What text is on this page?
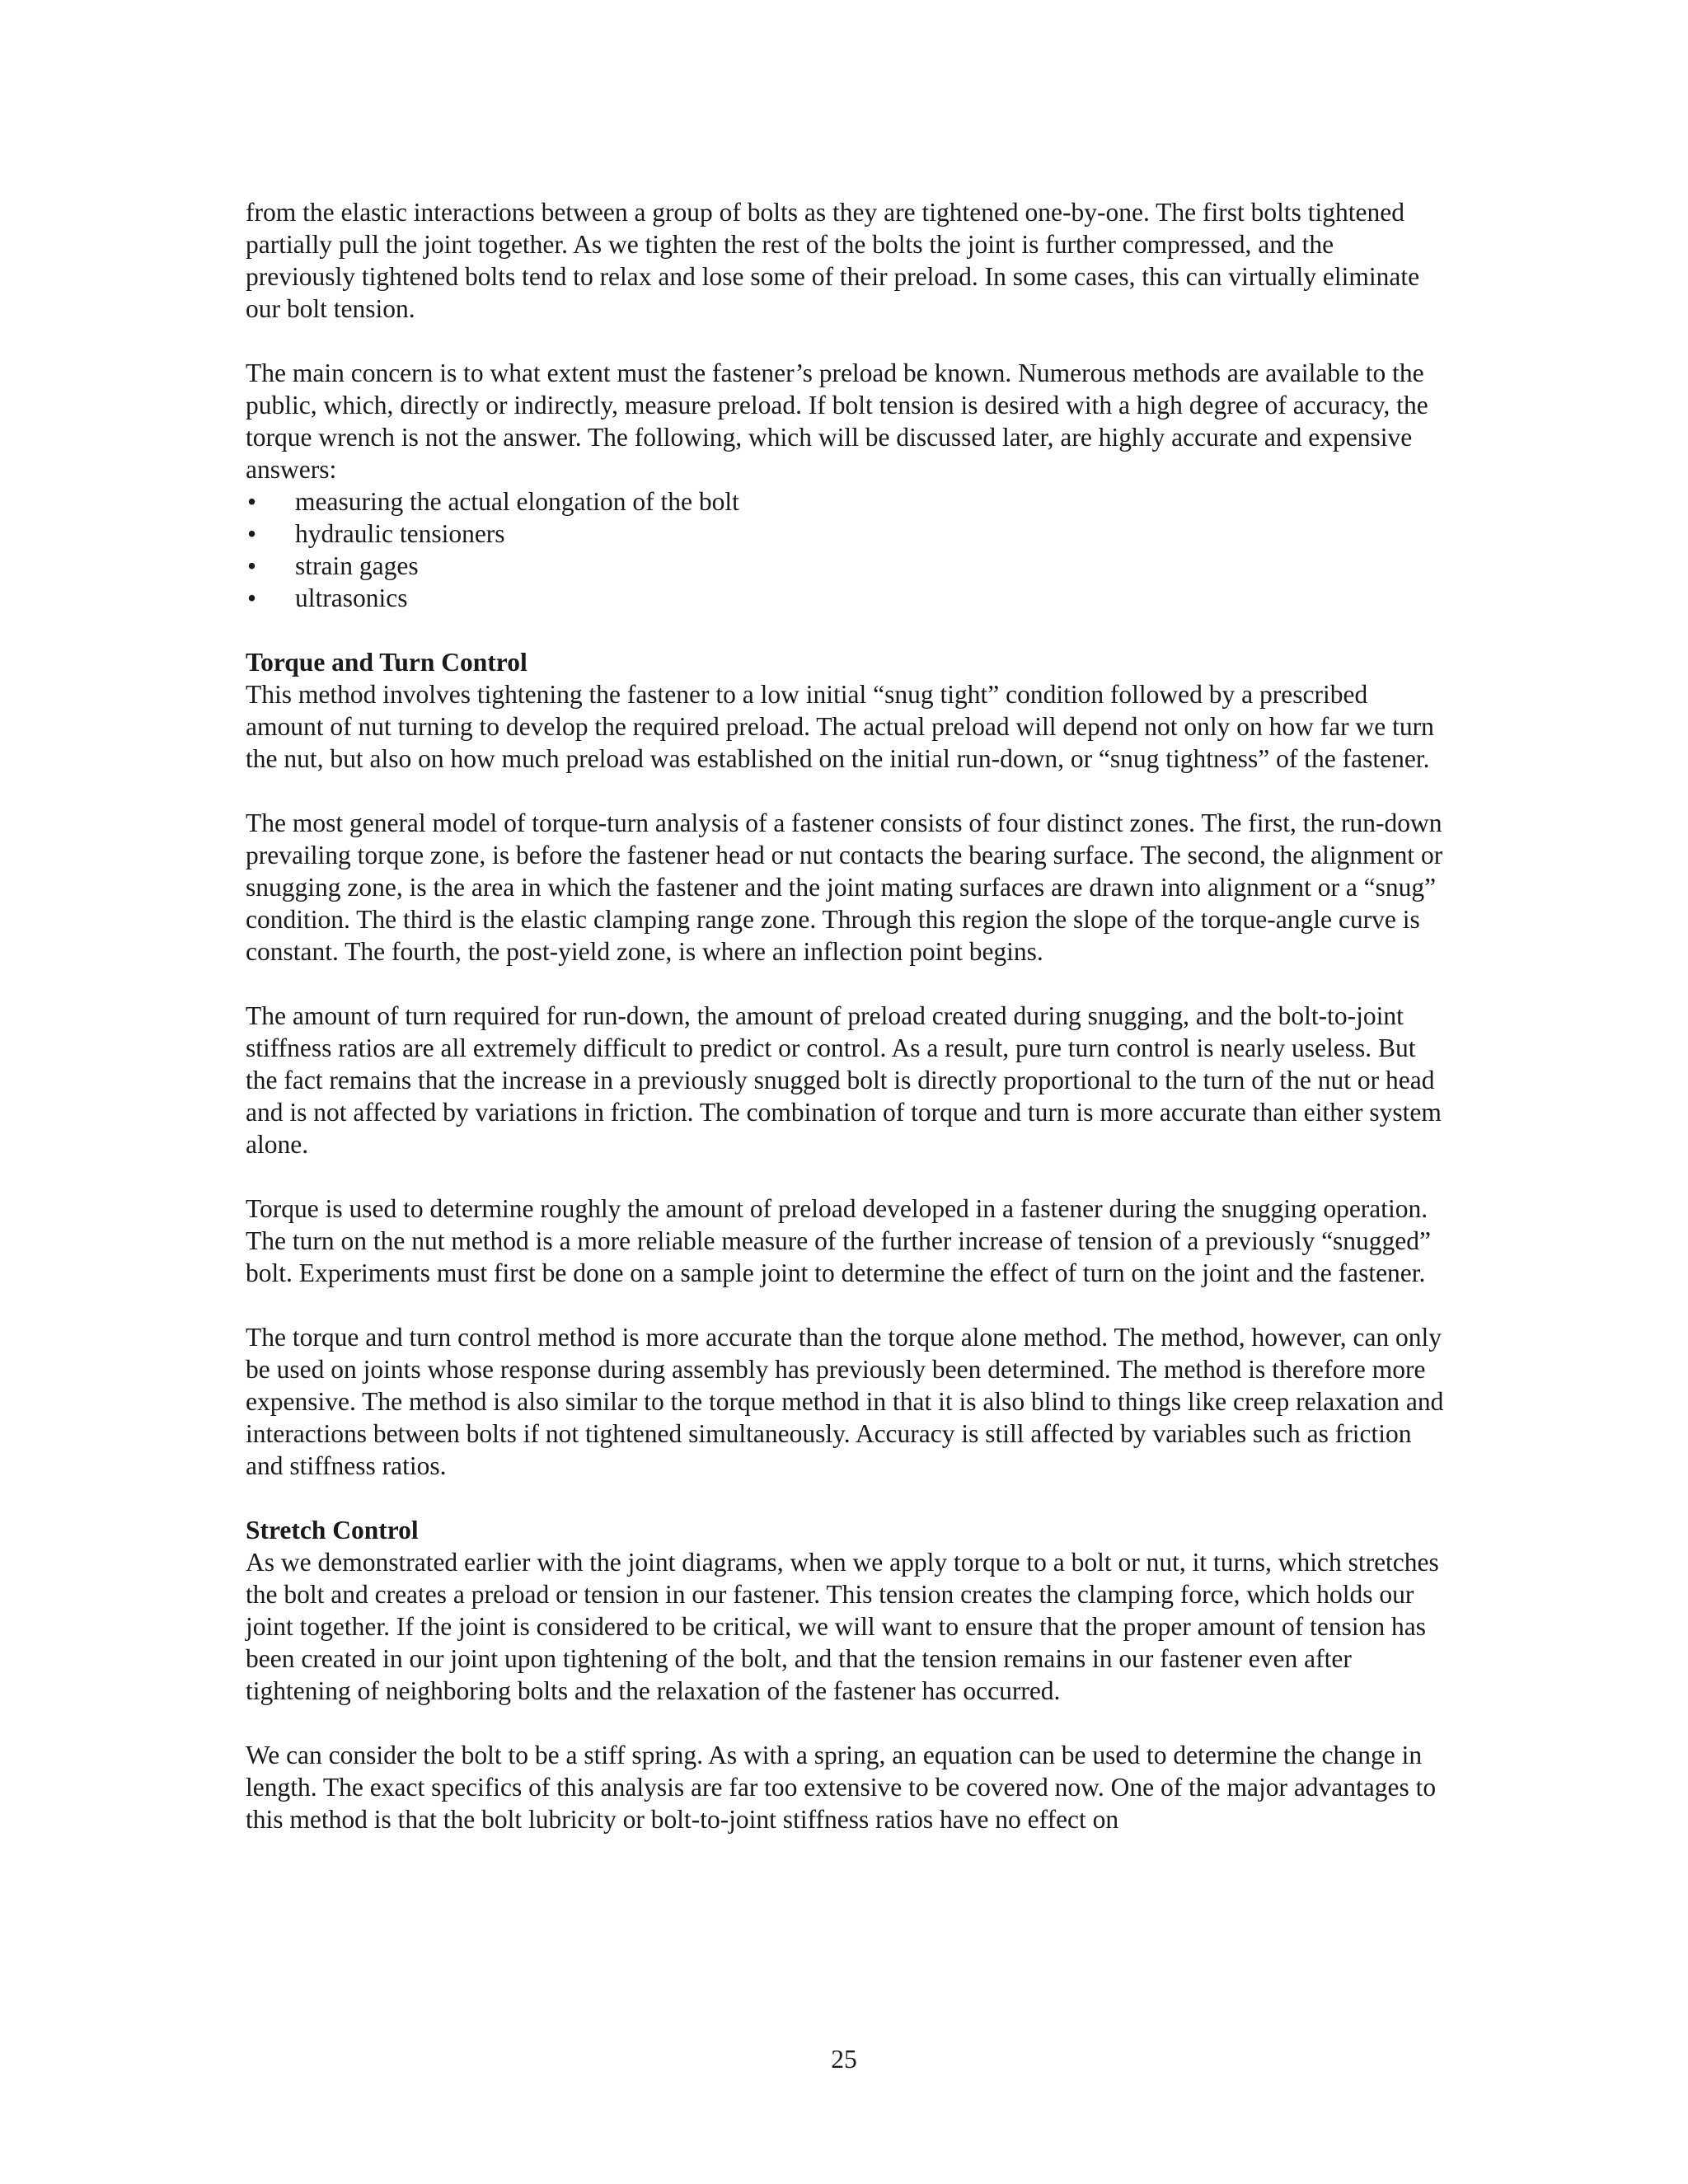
from the elastic interactions between a group of bolts as they are tightened one-by-one. The first bolts tightened partially pull the joint together. As we tighten the rest of the bolts the joint is further compressed, and the previously tightened bolts tend to relax and lose some of their preload. In some cases, this can virtually eliminate our bolt tension.

The main concern is to what extent must the fastener’s preload be known. Numerous methods are available to the public, which, directly or indirectly, measure preload. If bolt tension is desired with a high degree of accuracy, the torque wrench is not the answer. The following, which will be discussed later, are highly accurate and expensive answers:

• measuring the actual elongation of the bolt
• hydraulic tensioners
• strain gages
• ultrasonics
Torque and Turn Control

This method involves tightening the fastener to a low initial “snug tight” condition followed by a prescribed amount of nut turning to develop the required preload. The actual preload will depend not only on how far we turn the nut, but also on how much preload was established on the initial run-down, or “snug tightness” of the fastener.

The most general model of torque-turn analysis of a fastener consists of four distinct zones. The first, the run-down prevailing torque zone, is before the fastener head or nut contacts the bearing surface. The second, the alignment or snugging zone, is the area in which the fastener and the joint mating surfaces are drawn into alignment or a “snug” condition. The third is the elastic clamping range zone. Through this region the slope of the torque-angle curve is constant. The fourth, the post-yield zone, is where an inflection point begins.

The amount of turn required for run-down, the amount of preload created during snugging, and the bolt-to-joint stiffness ratios are all extremely difficult to predict or control. As a result, pure turn control is nearly useless. But the fact remains that the increase in a previously snugged bolt is directly proportional to the turn of the nut or head and is not affected by variations in friction. The combination of torque and turn is more accurate than either system alone.

Torque is used to determine roughly the amount of preload developed in a fastener during the snugging operation. The turn on the nut method is a more reliable measure of the further increase of tension of a previously “snugged” bolt. Experiments must first be done on a sample joint to determine the effect of turn on the joint and the fastener.

The torque and turn control method is more accurate than the torque alone method. The method, however, can only be used on joints whose response during assembly has previously been determined. The method is therefore more expensive. The method is also similar to the torque method in that it is also blind to things like creep relaxation and interactions between bolts if not tightened simultaneously. Accuracy is still affected by variables such as friction and stiffness ratios.

Stretch Control

As we demonstrated earlier with the joint diagrams, when we apply torque to a bolt or nut, it turns, which stretches the bolt and creates a preload or tension in our fastener. This tension creates the clamping force, which holds our joint together. If the joint is considered to be critical, we will want to ensure that the proper amount of tension has been created in our joint upon tightening of the bolt, and that the tension remains in our fastener even after tightening of neighboring bolts and the relaxation of the fastener has occurred.

We can consider the bolt to be a stiff spring. As with a spring, an equation can be used to determine the change in length. The exact specifics of this analysis are far too extensive to be covered now. One of the major advantages to this method is that the bolt lubricity or bolt-to-joint stiffness ratios have no effect on

25
